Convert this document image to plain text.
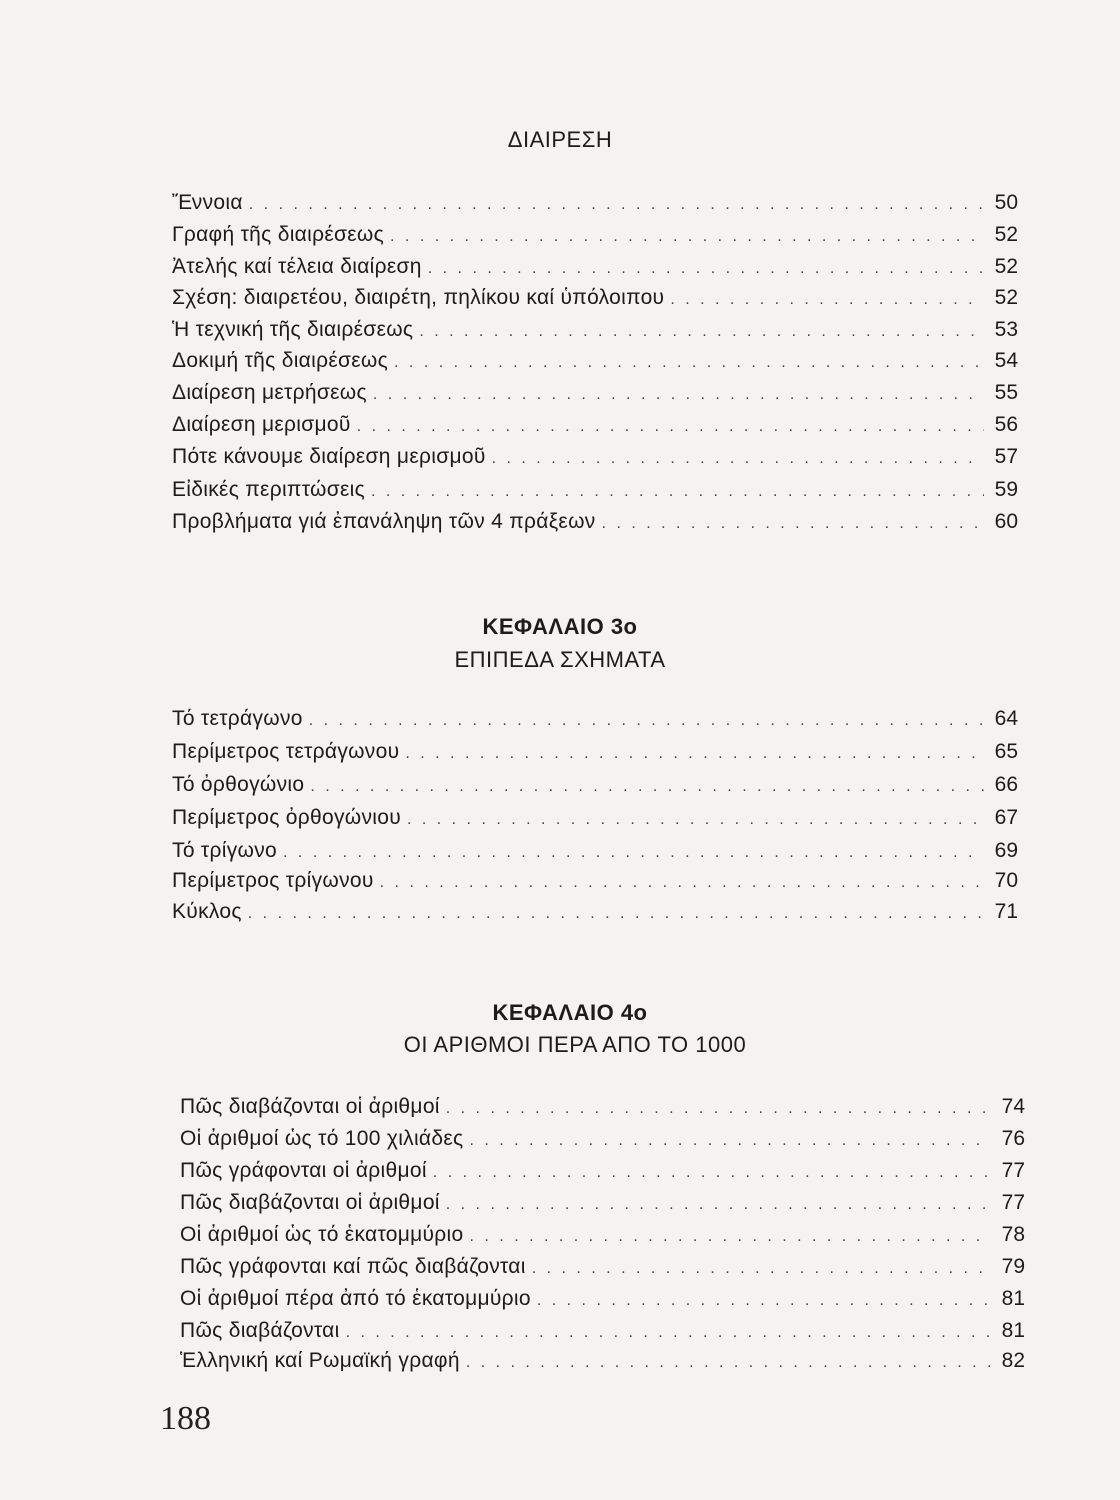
ΔΙΑΙΡΕΣΗ
Ἔννοια . . .	50
Γραφή τῆς διαιρέσεως . . .	52
Ἀτελής καί τέλεια διαίρεση . . .	52
Σχέση: διαιρετέου, διαιρέτη, πηλίκου καί ὑπόλοιπου . . .	52
Ἡ τεχνική τῆς διαιρέσεως . . .	53
Δοκιμή τῆς διαιρέσεως . . .	54
Διαίρεση μετρήσεως . . .	55
Διαίρεση μερισμοῦ . . .	56
Πότε κάνουμε διαίρεση μερισμοῦ . . .	57
Εἰδικές περιπτώσεις . . .	59
Προβλήματα γιά ἐπανάληψη τῶν 4 πράξεων . . .	60
ΚΕΦΑΛΑΙΟ 3ο
ΕΠΙΠΕΔΑ ΣΧΗΜΑΤΑ
Τό τετράγωνο . . .	64
Περίμετρος τετράγωνου . . .	65
Τό ὀρθογώνιο . . .	66
Περίμετρος ὀρθογώνιου . . .	67
Τό τρίγωνο . . .	69
Περίμετρος τρίγωνου . . .	70
Κύκλος . . .	71
ΚΕΦΑΛΑΙΟ 4ο
ΟΙ ΑΡΙΘΜΟΙ ΠΕΡΑ ΑΠΟ ΤΟ 1000
Πῶς διαβάζονται οἱ ἀριθμοί . . .	74
Οἱ ἀριθμοί ὡς τό 100 χιλιάδες . . .	76
Πῶς γράφονται οἱ ἀριθμοί . . .	77
Πῶς διαβάζονται οἱ ἀριθμοί . . .	77
Οἱ ἀριθμοί ὡς τό ἑκατομμύριο . . .	78
Πῶς γράφονται καί πῶς διαβάζονται . . .	79
Οἱ ἀριθμοί πέρα ἀπό τό ἑκατομμύριο . . .	81
Πῶς διαβάζονται . . .	81
Ἑλληνική καί Ρωμαϊκή γραφή . . .	82
188
